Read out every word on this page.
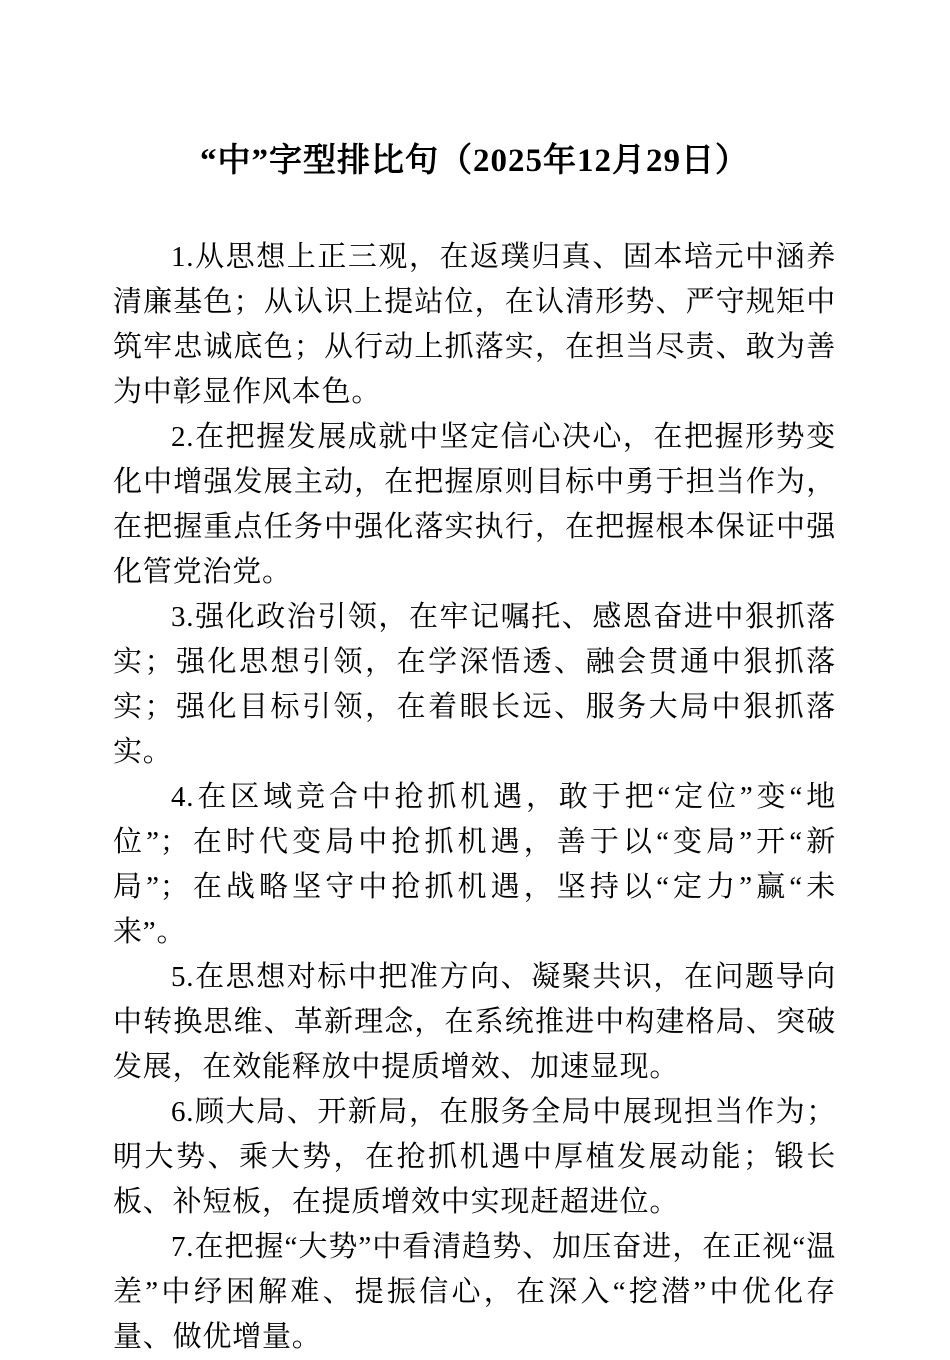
“中”字型排比句（2025年12月29日）

1.从思想上正三观，在返璞归真、固本培元中涵养清廉基色；从认识上提站位，在认清形势、严守规矩中筑牢忠诚底色；从行动上抓落实，在担当尽责、敢为善为中彰显作风本色。

2.在把握发展成就中坚定信心决心，在把握形势变化中增强发展主动，在把握原则目标中勇于担当作为，在把握重点任务中强化落实执行，在把握根本保证中强化管党治党。

3.强化政治引领，在牢记嘱托、感恩奋进中狠抓落实；强化思想引领，在学深悟透、融会贯通中狠抓落实；强化目标引领，在着眼长远、服务大局中狠抓落实。

4.在区域竞合中抢抓机遇，敢于把“定位”变“地位”；在时代变局中抢抓机遇，善于以“变局”开“新局”；在战略坚守中抢抓机遇，坚持以“定力”赢“未来”。

5.在思想对标中把准方向、凝聚共识，在问题导向中转换思维、革新理念，在系统推进中构建格局、突破发展，在效能释放中提质增效、加速显现。

6.顾大局、开新局，在服务全局中展现担当作为；明大势、乘大势，在抢抓机遇中厚植发展动能；锻长板、补短板，在提质增效中实现赶超进位。

7.在把握“大势”中看清趋势、加压奋进，在正视“温差”中纾困解难、提振信心，在深入“挖潜”中优化存量、做优增量。
